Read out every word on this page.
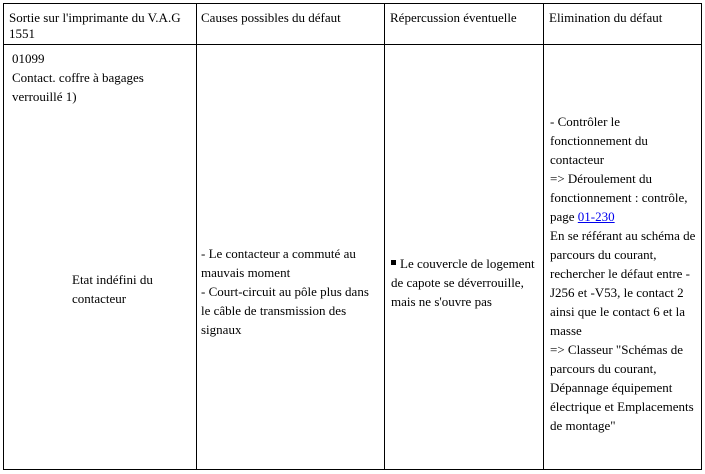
Sortie sur l'imprimante du V.A.G 1551
Causes possibles du défaut	Répercussion éventuelle	Elimination du défaut
01099
Contact. coffre à bagages verrouillé 1)
Etat indéfini du contacteur
- Le contacteur a commuté au mauvais moment
- Court-circuit au pôle plus dans le câble de transmission des signaux
Le couvercle de logement de capote se déverrouille, mais ne s'ouvre pas
- Contrôler le fonctionnement du contacteur
=> Déroulement du fonctionnement : contrôle, page 01-230
En se référant au schéma de parcours du courant, rechercher le défaut entre -J256 et -V53, le contact 2 ainsi que le contact 6 et la masse
=> Classeur "Schémas de parcours du courant, Dépannage équipement électrique et Emplacements de montage"
